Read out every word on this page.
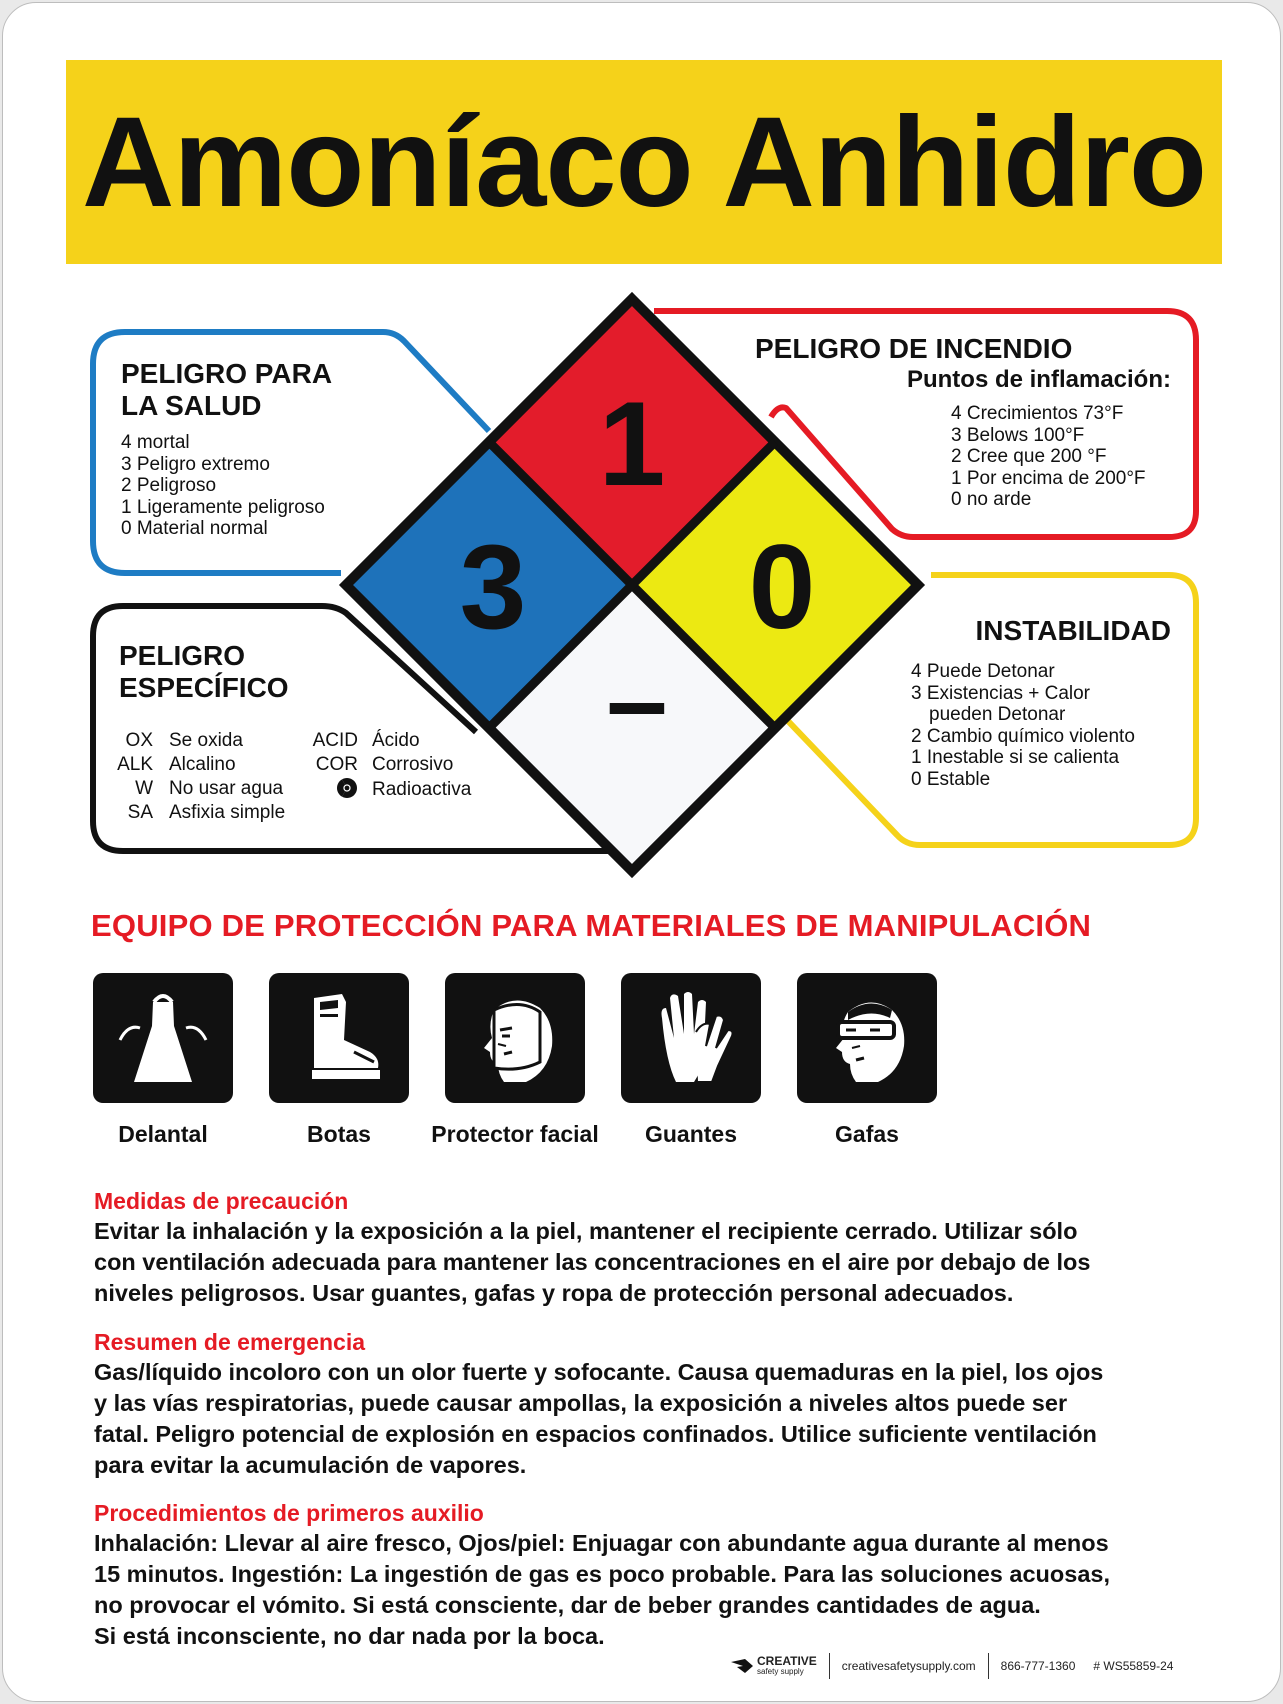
Amoníaco Anhidro
1
3 0
–
PELIGRO PARA
LA SALUD
4 mortal
3 Peligro extremo
2 Peligroso
1 Ligeramente peligroso
0 Material normal
PELIGRO DE INCENDIO
Puntos de inflamación:
4 Crecimientos 73°F
3 Belows 100°F
2 Cree que 200 °F
1 Por encima de 200°F
0 no arde
INSTABILIDAD
4 Puede Detonar
3 Existencias + Calor
pueden Detonar
2 Cambio químico violento
1 Inestable si se calienta
0 Estable
PELIGRO
ESPECÍFICO
OX Se oxida
ALK Alcalino
W No usar agua
SA Asfixia simple
ACID Ácido
COR Corrosivo
Radioactiva
EQUIPO DE PROTECCIÓN PARA MATERIALES DE MANIPULACIÓN
Delantal	Botas	Protector facial Guantes	Gafas
Medidas de precaución

Evitar la inhalación y la exposición a la piel, mantener el recipiente cerrado. Utilizar sólo

con ventilación adecuada para mantener las concentraciones en el aire por debajo de los

niveles peligrosos. Usar guantes, gafas y ropa de protección personal adecuados.

Resumen de emergencia

Gas/líquido incoloro con un olor fuerte y sofocante. Causa quemaduras en la piel, los ojos

y las vías respiratorias, puede causar ampollas, la exposición a niveles altos puede ser

fatal. Peligro potencial de explosión en espacios confinados. Utilice suficiente ventilación

para evitar la acumulación de vapores.

Procedimientos de primeros auxilio

Inhalación: Llevar al aire fresco, Ojos/piel: Enjuagar con abundante agua durante al menos

15 minutos. Ingestión: La ingestión de gas es poco probable. Para las soluciones acuosas,

no provocar el vómito. Si está consciente, dar de beber grandes cantidades de agua.

Si está inconsciente, no dar nada por la boca.

CREATIVE
safety supply	creativesafetysupply.com 866-777-1360 # WS55859-24
